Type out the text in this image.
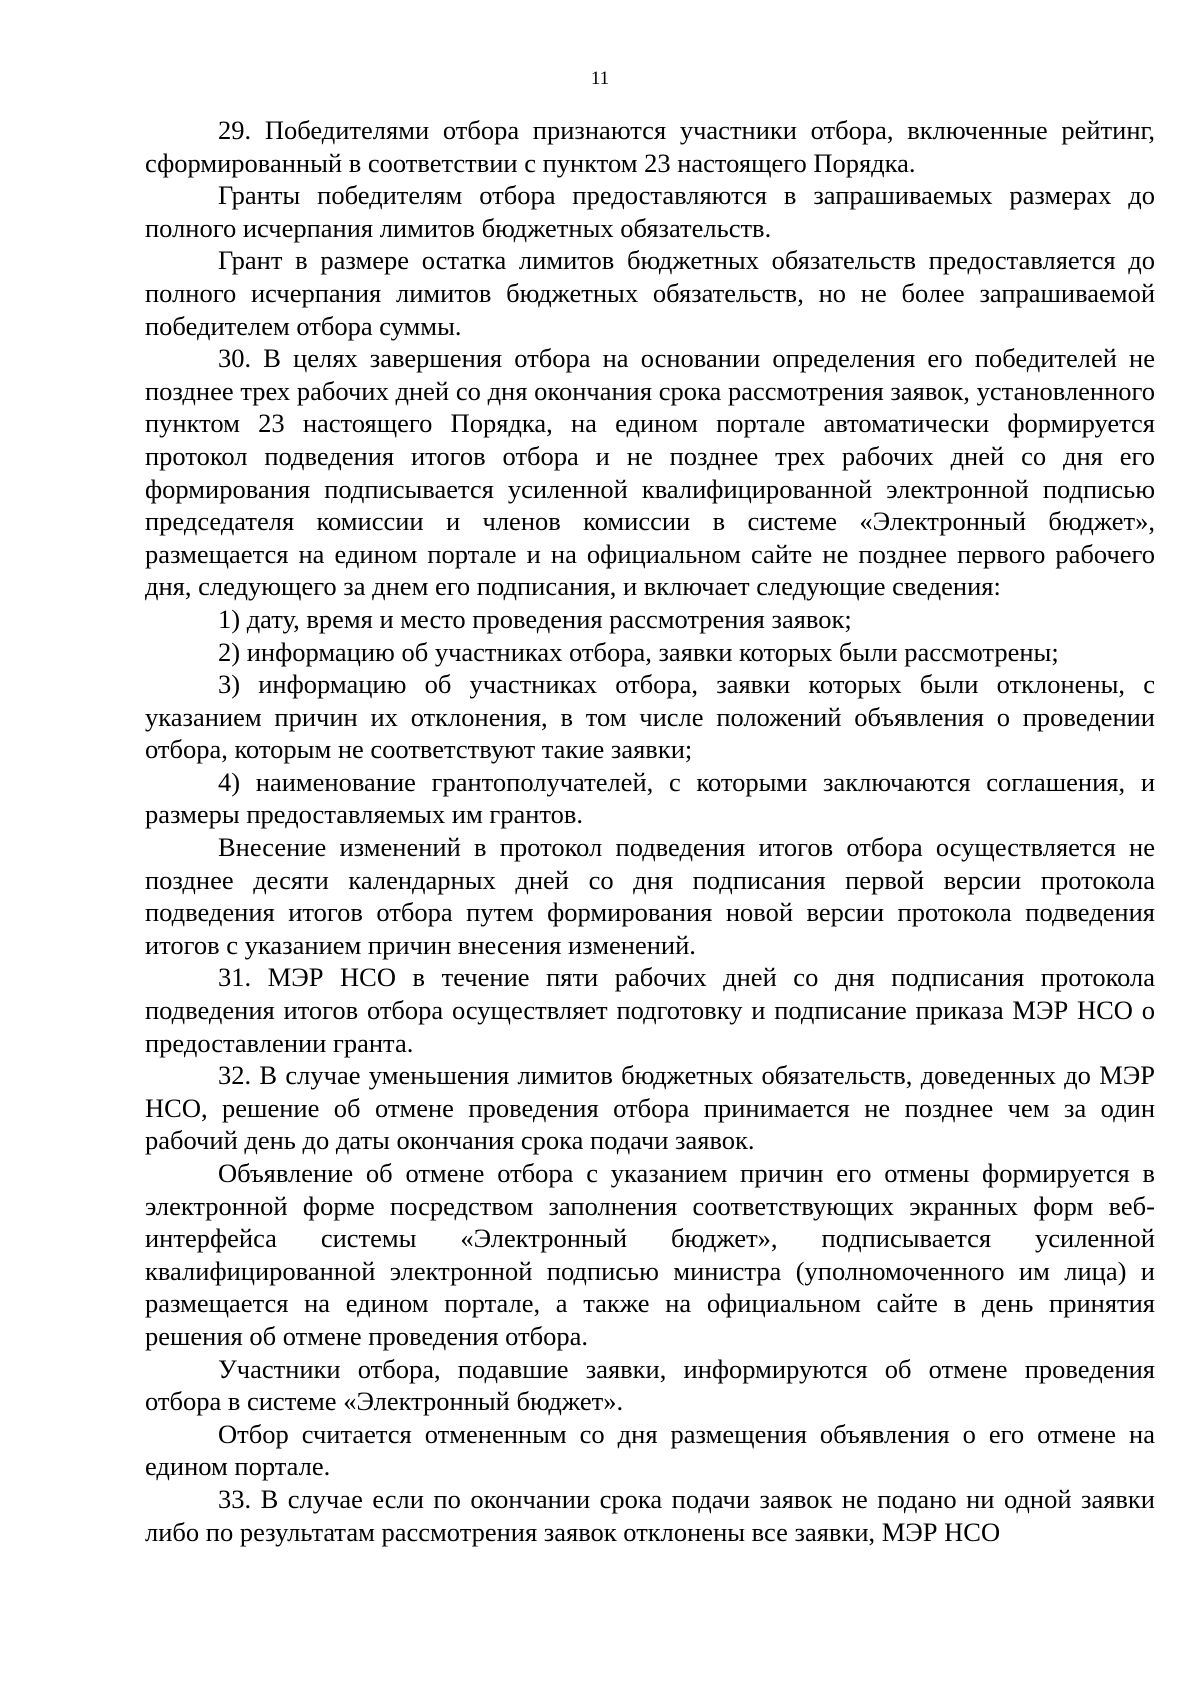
11

29. Победителями отбора признаются участники отбора, включенные рейтинг, сформированный в соответствии с пунктом 23 настоящего Порядка.

Гранты победителям отбора предоставляются в запрашиваемых размерах до полного исчерпания лимитов бюджетных обязательств.

Грант в размере остатка лимитов бюджетных обязательств предоставляется до полного исчерпания лимитов бюджетных обязательств, но не более запрашиваемой победителем отбора суммы.

30. В целях завершения отбора на основании определения его победителей не позднее трех рабочих дней со дня окончания срока рассмотрения заявок, установленного пунктом 23 настоящего Порядка, на едином портале автоматически формируется протокол подведения итогов отбора и не позднее трех рабочих дней со дня его формирования подписывается усиленной квалифицированной электронной подписью председателя комиссии и членов комиссии в системе «Электронный бюджет», размещается на едином портале и на официальном сайте не позднее первого рабочего дня, следующего за днем его подписания, и включает следующие сведения:

1) дату, время и место проведения рассмотрения заявок;

2) информацию об участниках отбора, заявки которых были рассмотрены;

3) информацию об участниках отбора, заявки которых были отклонены, с указанием причин их отклонения, в том числе положений объявления о проведении отбора, которым не соответствуют такие заявки;

4) наименование грантополучателей, с которыми заключаются соглашения, и размеры предоставляемых им грантов.

Внесение изменений в протокол подведения итогов отбора осуществляется не позднее десяти календарных дней со дня подписания первой версии протокола подведения итогов отбора путем формирования новой версии протокола подведения итогов с указанием причин внесения изменений.

31. МЭР НСО в течение пяти рабочих дней со дня подписания протокола подведения итогов отбора осуществляет подготовку и подписание приказа МЭР НСО о предоставлении гранта.

32. В случае уменьшения лимитов бюджетных обязательств, доведенных до МЭР НСО, решение об отмене проведения отбора принимается не позднее чем за один рабочий день до даты окончания срока подачи заявок.

Объявление об отмене отбора с указанием причин его отмены формируется в электронной форме посредством заполнения соответствующих экранных форм веб-интерфейса системы «Электронный бюджет», подписывается усиленной квалифицированной электронной подписью министра (уполномоченного им лица) и размещается на едином портале, а также на официальном сайте в день принятия решения об отмене проведения отбора.

Участники отбора, подавшие заявки, информируются об отмене проведения отбора в системе «Электронный бюджет».

Отбор считается отмененным со дня размещения объявления о его отмене на едином портале.

33. В случае если по окончании срока подачи заявок не подано ни одной заявки либо по результатам рассмотрения заявок отклонены все заявки, МЭР НСО
